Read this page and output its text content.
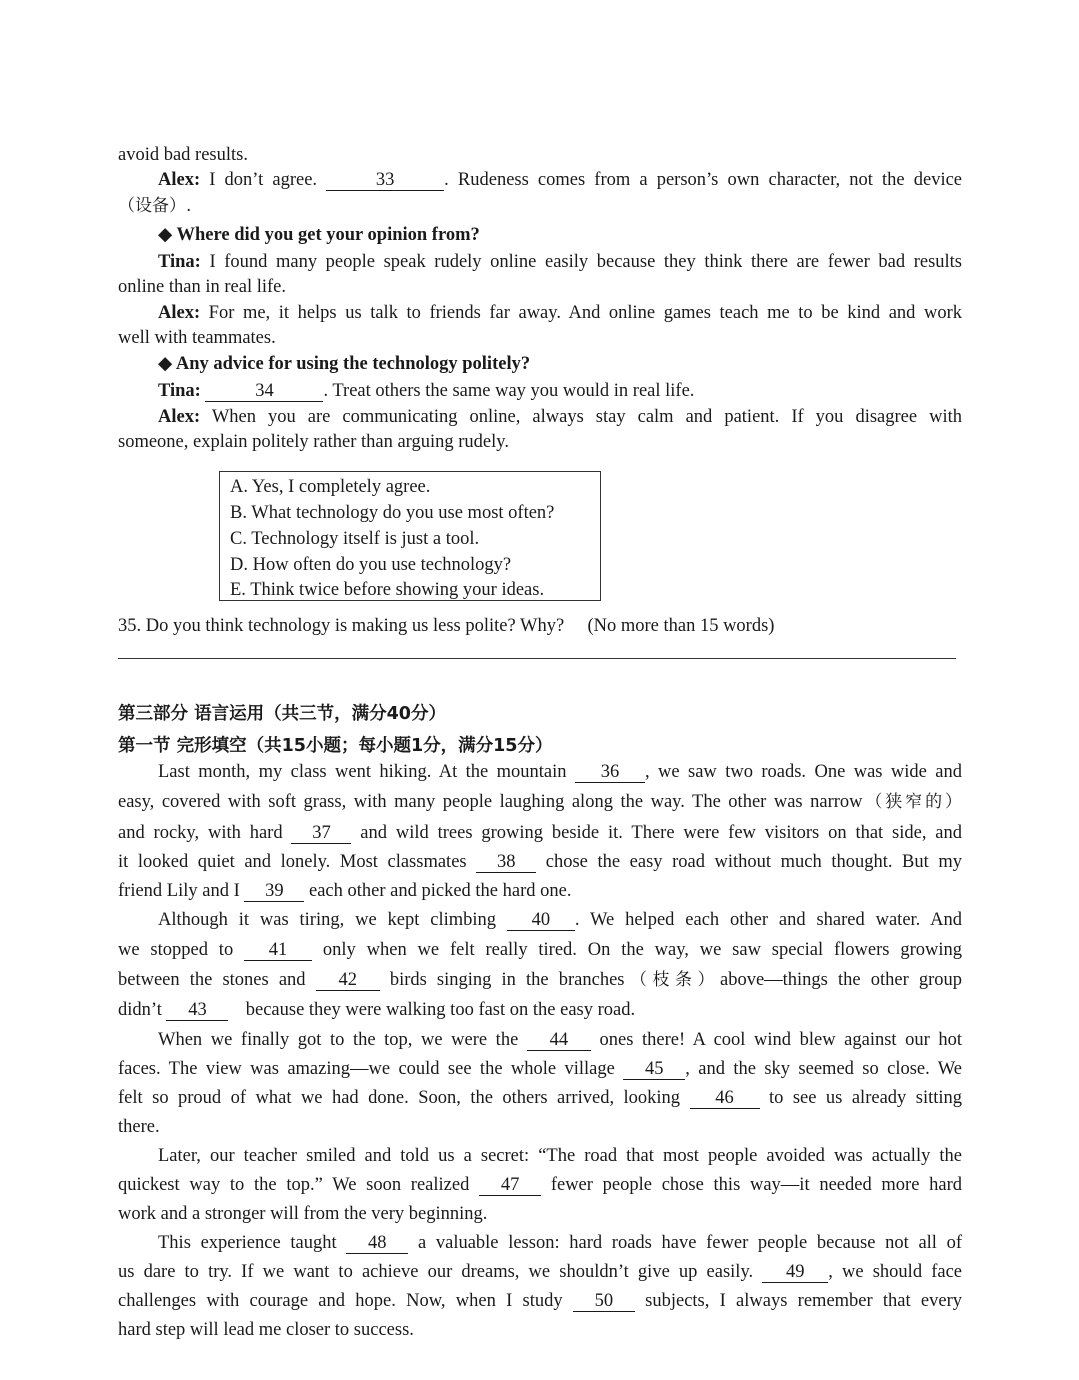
avoid bad results.
Alex: I don’t agree.	33	. Rudeness comes from a person’s own character, not the device
（设备）.
◆ Where did you get your opinion from?
Tina: I found many people speak rudely online easily because they think there are fewer bad results
online than in real life.
Alex: For me, it helps us talk to friends far away. And online games teach me to be kind and work
well with teammates.
◆ Any advice for using the technology politely?
Tina:	34	. Treat others the same way you would in real life.
Alex: When you are communicating online, always stay calm and patient. If you disagree with
someone, explain politely rather than arguing rudely.
A. Yes, I completely agree.
B. What technology do you use most often?
C. Technology itself is just a tool.
D. How often do you use technology?
E. Think twice before showing your ideas.
35. Do you think technology is making us less polite? Why? (No more than 15 words)
第三部分 语言运用（共三节，满分40分）
第一节 完形填空（共15小题；每小题1分，满分15分）
Last month, my class went hiking. At the mountain 36 , we saw two roads. One was wide and
easy, covered with soft grass, with many people laughing along the way. The other was narrow（狭窄的）
and rocky, with hard 37 and wild trees growing beside it. There were few visitors on that side, and
it looked quiet and lonely. Most classmates 38 chose the easy road without much thought. But my
friend Lily and I 39 each other and picked the hard one.
Although it was tiring, we kept climbing 40 . We helped each other and shared water. And
we stopped to 41 only when we felt really tired. On the way, we saw special flowers growing
between the stones and 42 birds singing in the branches（枝条）above—things the other group
didn’t 43 because they were walking too fast on the easy road.
When we finally got to the top, we were the 44 ones there! A cool wind blew against our hot
faces. The view was amazing—we could see the whole village 45 , and the sky seemed so close. We
felt so proud of what we had done. Soon, the others arrived, looking 46 to see us already sitting
there.
Later, our teacher smiled and told us a secret: “The road that most people avoided was actually the
quickest way to the top.” We soon realized 47 fewer people chose this way—it needed more hard
work and a stronger will from the very beginning.
This experience taught 48 a valuable lesson: hard roads have fewer people because not all of
us dare to try. If we want to achieve our dreams, we shouldn’t give up easily. 49 , we should face
challenges with courage and hope. Now, when I study 50 subjects, I always remember that every
hard step will lead me closer to success.
